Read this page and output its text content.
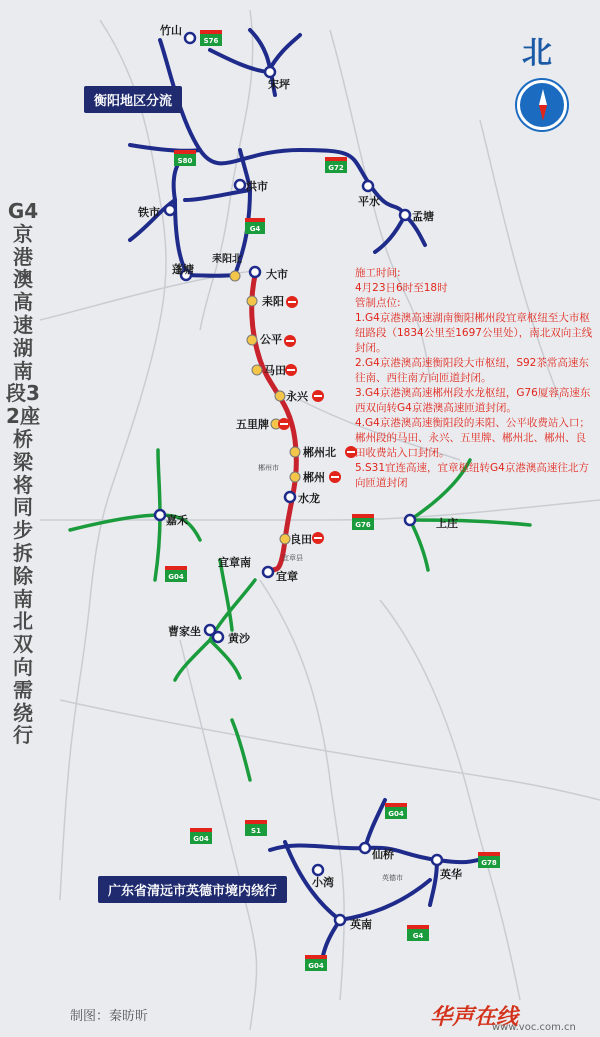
S76
S80
G72
G4
G76
G04
G04
S1
G04
G78
G04
G4
竹山
宋坪
洪市
平水
孟塘
铁市
蓬塘
耒阳北
大市
耒阳
公平
马田
永兴
五里牌
郴州北
郴州
水龙
良田
嘉禾	上庄
宜章南
宜章
曹家坐
黄沙
仙桥
小湾
英华
英南
英德市
郴州市
宜章县
G4京港澳高速湖南段32座桥梁将同步拆除 南北双向需绕行
北
衡阳地区分流
广东省清远市英德市境内绕行

施工时间:

4月23日6时至18时

管制点位:

1.G4京港澳高速湖南衡阳郴州段宜章枢纽至大市枢纽路段（1834公里至1697公里处），南北双向主线封闭。

2.G4京港澳高速衡阳段大市枢纽，S92茶常高速东往南、西往南方向匝道封闭。

3.G4京港澳高速郴州段水龙枢纽，G76厦蓉高速东西双向转G4京港澳高速匝道封闭。

4.G4京港澳高速衡阳段的耒阳、公平收费站入口；郴州段的马田、永兴、五里牌、郴州北、郴州、良田收费站入口封闭。

5.S31宜连高速，宜章枢纽转G4京港澳高速往北方向匝道封闭

制图：秦昉昕	华声在线
www.voc.com.cn
